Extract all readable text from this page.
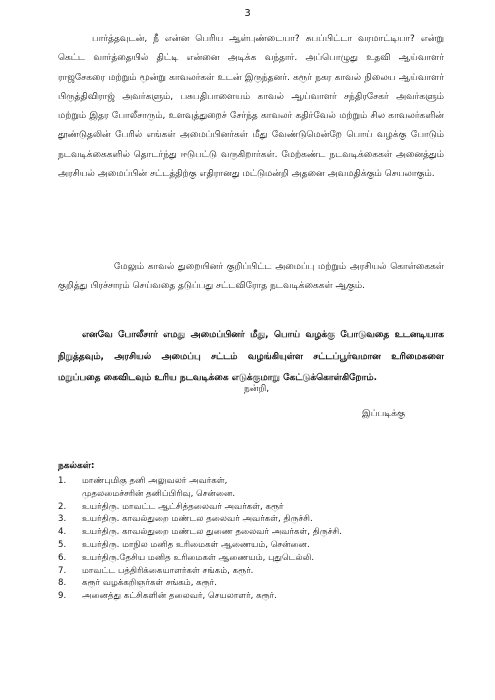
3

பார்த்தவுடன், நீ என்ன பெரிய ஆள்புண்டையா? சுபப்பிட்டா வரமாட்டியா? என்று கெட்ட வார்த்தையில் திட்டி என்னை அடிக்க வந்தார். அப்பொழுது உதவி ஆய்வாளர் ராஜசேகரை மற்றும் மூன்று காவலர்கள் உடன் இருந்தனர். கரூர் நகர காவல் நிலைய ஆய்வாளர் பிருத்திவிராஜ் அவர்களும், பசுபதிபாளையம் காவல் ஆய்வாளர் சந்திரசேகர் அவர்களும் மற்றும் இதர போலீசாரும், உளவுத்துறைச் சேர்ந்த காவலர் கதிர்வேல் மற்றும் சில காவலர்களின் தூண்டுதலின் பேரில் எங்கள் அமைப்பினர்கள் மீது வேண்டுமென்றே பொய் வழக்கு போடும் நடவடிக்கைகளில் தொடர்ந்து ஈடுபட்டு வருகிறார்கள். மேற்கண்ட நடவடிக்கைகள் அனைத்தும் அரசியல் அமைப்பின் சட்டத்திற்கு எதிரானது மட்டுமன்றி அதனை அவமதிக்கும் செயலாகும்.

மேலும் காவல் துறையினர் குறிப்பிட்ட அமைப்பு மற்றும் அரசியல் கொள்கைகள் குறித்து பிரச்சாரம் செய்வதை தடுப்பது சட்டவிரோத நடவடிக்கைகள் ஆகும்.

எனவே போலீசார் எமது அமைப்பினர் மீது, பொய் வழக்கு போடுவதை உடனடியாக நிறுத்தவும், அரசியல் அமைப்பு சட்டம் வழங்கியுள்ள சட்டப்பூர்வமான உரிமைகளை மறுப்பதை கைவிடவும் உரிய நடவடிக்கை எடுக்குமாறு கேட்டுக்கொள்கிறோம்.

நன்றி,
இப்படிக்கு

நகல்கள்:

1.	மாண்புமிகு தனி அலுவலர் அவர்கள்,
முதலமைச்சரின் தனிப்பிரிவு, சென்னை.
2.	உயர்திரு. மாவட்ட ஆட்சித்தலைவர் அவர்கள், கரூர்
3.	உயர்திரு. காவல்துறை மண்டல தலைவர் அவர்கள், திருச்சி.
4.	உயர்திரு. காவல்துறை மண்டல துணை தலைவர் அவர்கள், திருச்சி.
5.	உயர்திரு. மாநில மனித உரிமைகள் ஆணையம், சென்னை.
6.	உயர்திரு.தேசிய மனித உரிமைகள் ஆணையம், புதுடெல்லி.
7.	மாவட்ட பத்திரிக்கையாளர்கள் சங்கம், கரூர்.
8.	கரூர் வழக்கறிஞர்கள் சங்கம், கரூர்.
9.	அனைத்து கட்சிகளின் தலைவர், செயலாளர், கரூர்.
